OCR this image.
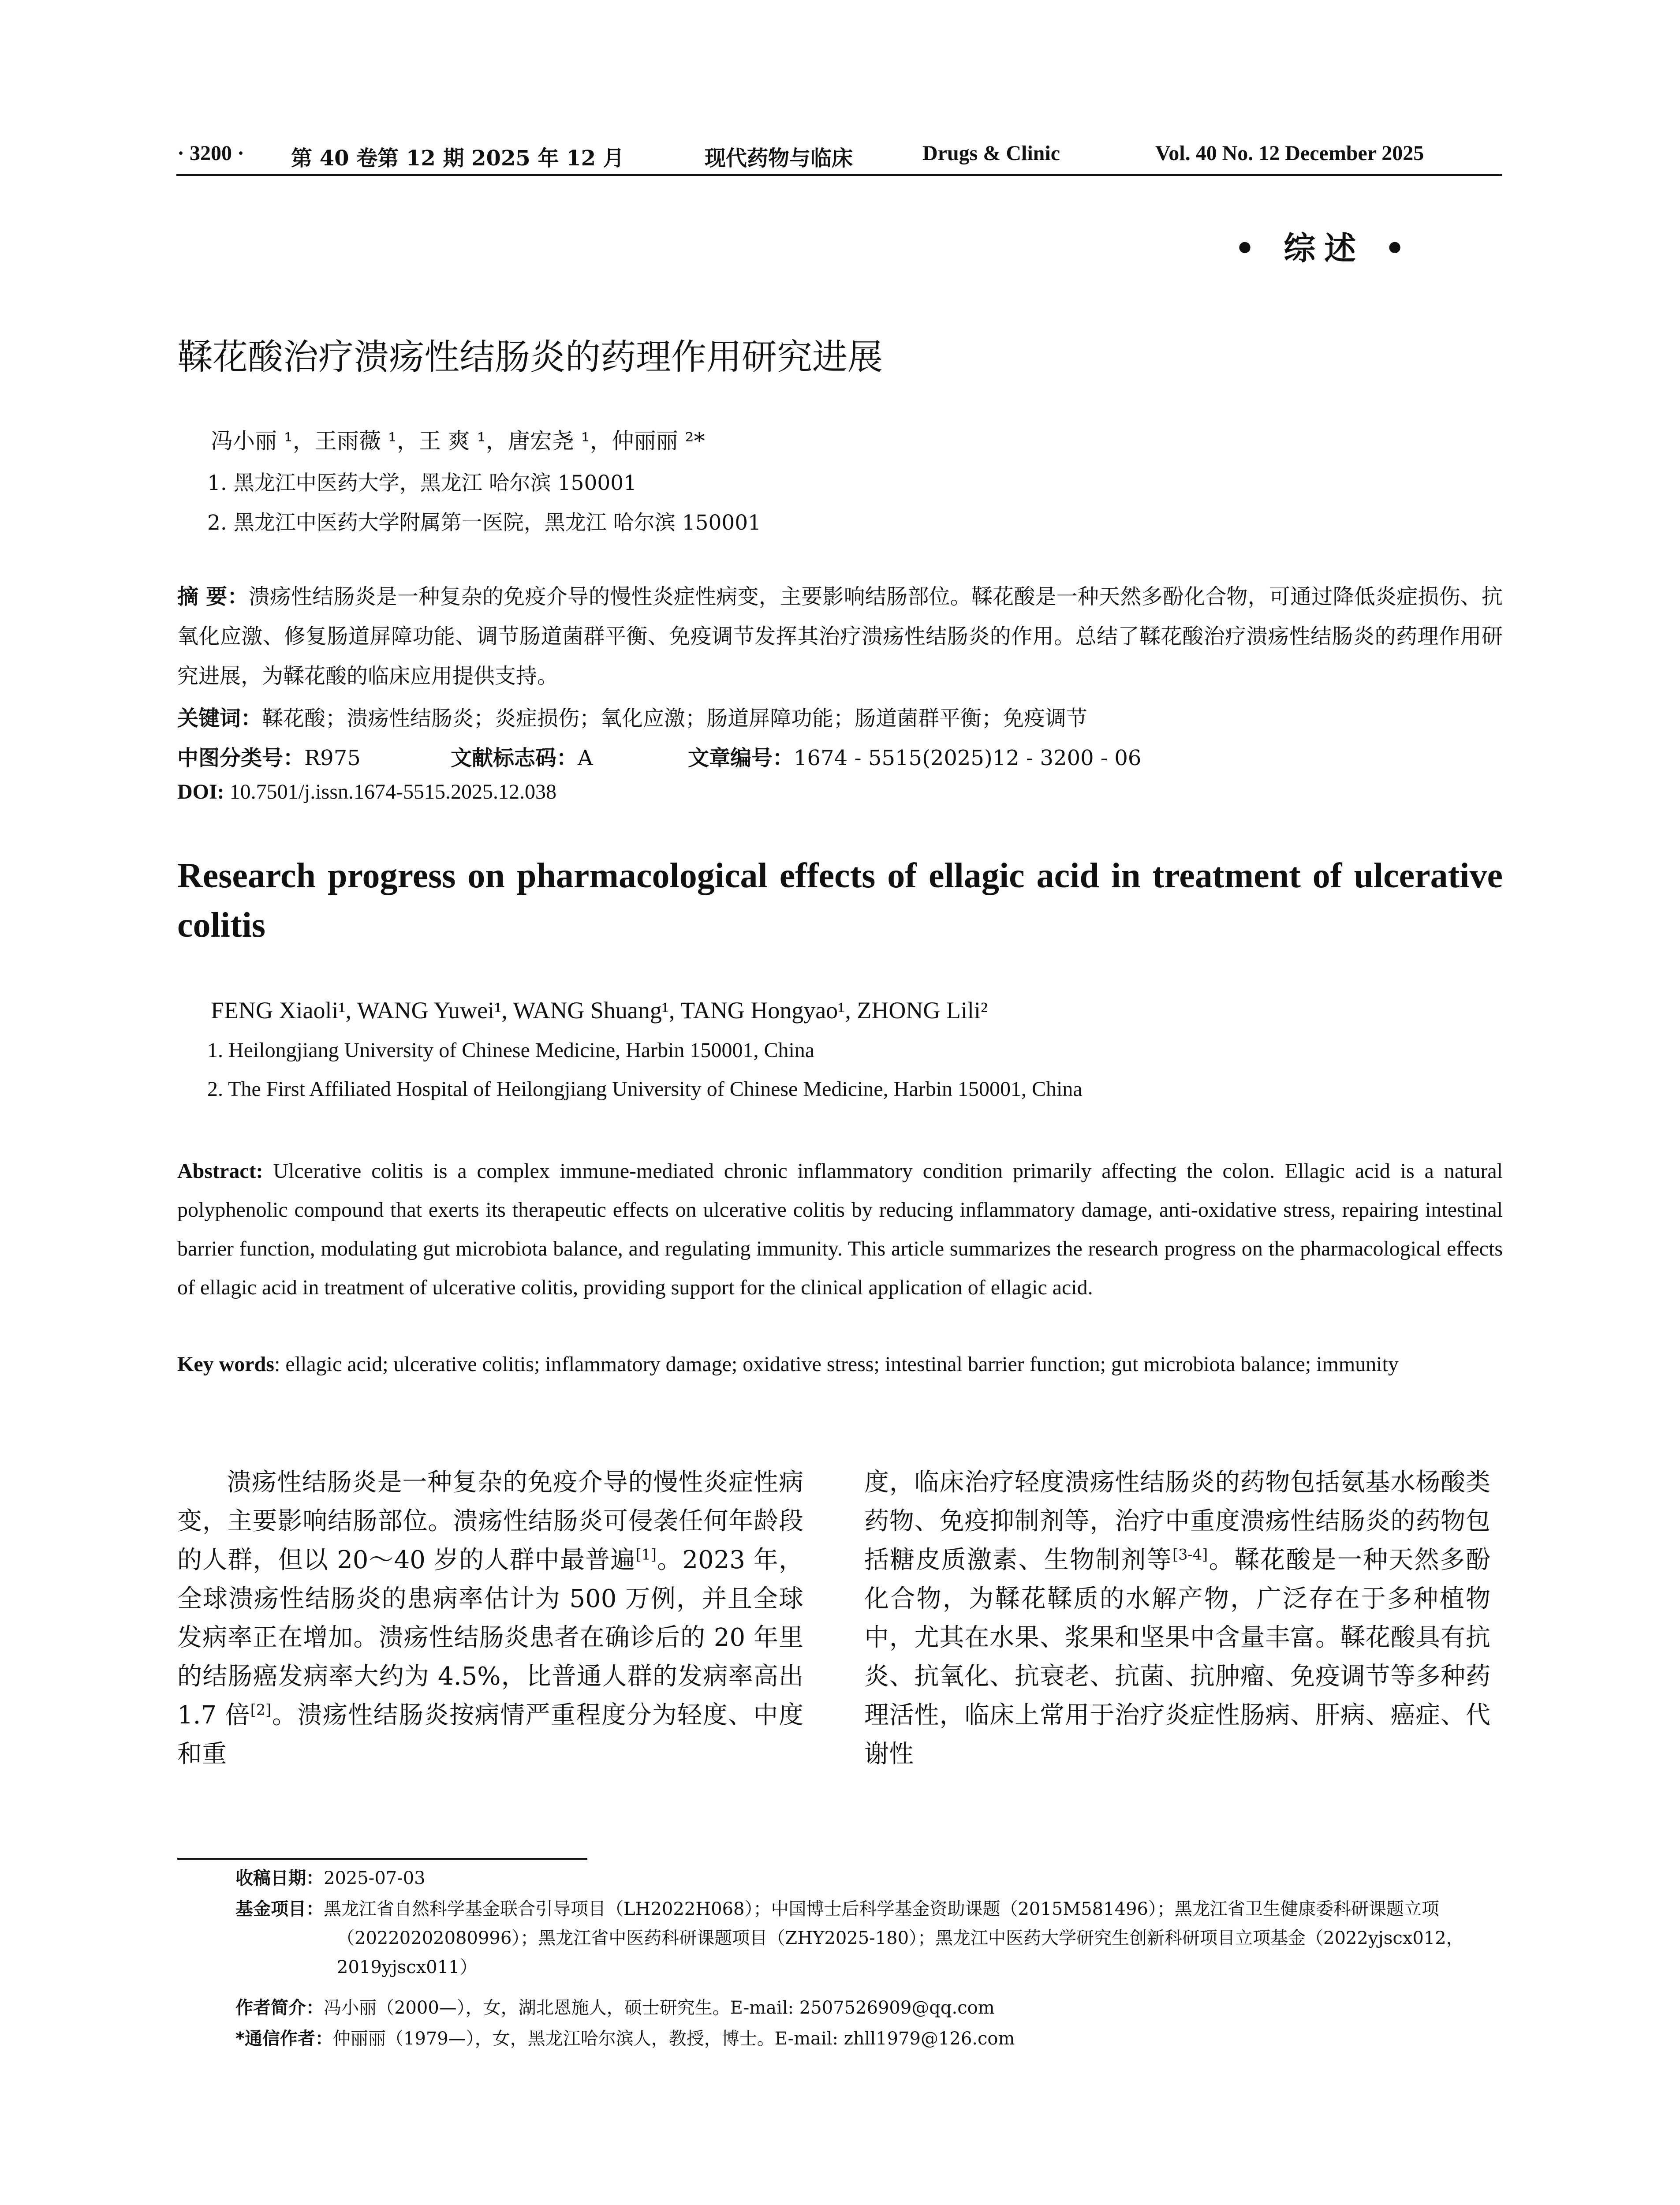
· 3200 · 第 40 卷第 12 期 2025 年 12 月	现代药物与临床	Drugs & Clinic	Vol. 40 No. 12 December 2025
• 综述 •
鞣花酸治疗溃疡性结肠炎的药理作用研究进展
冯小丽 ¹，王雨薇 ¹，王 爽 ¹，唐宏尧 ¹，仲丽丽 ²*
1. 黑龙江中医药大学，黑龙江 哈尔滨 150001
2. 黑龙江中医药大学附属第一医院，黑龙江 哈尔滨 150001
摘 要：溃疡性结肠炎是一种复杂的免疫介导的慢性炎症性病变，主要影响结肠部位。鞣花酸是一种天然多酚化合物，可通过降低炎症损伤、抗氧化应激、修复肠道屏障功能、调节肠道菌群平衡、免疫调节发挥其治疗溃疡性结肠炎的作用。总结了鞣花酸治疗溃疡性结肠炎的药理作用研究进展，为鞣花酸的临床应用提供支持。
关键词：鞣花酸；溃疡性结肠炎；炎症损伤；氧化应激；肠道屏障功能；肠道菌群平衡；免疫调节
中图分类号：R975	文献标志码：A	文章编号：1674 - 5515(2025)12 - 3200 - 06
DOI: 10.7501/j.issn.1674-5515.2025.12.038
Research progress on pharmacological effects of ellagic acid in treatment of ulcerative colitis
FENG Xiaoli¹, WANG Yuwei¹, WANG Shuang¹, TANG Hongyao¹, ZHONG Lili²
1. Heilongjiang University of Chinese Medicine, Harbin 150001, China
2. The First Affiliated Hospital of Heilongjiang University of Chinese Medicine, Harbin 150001, China
Abstract: Ulcerative colitis is a complex immune-mediated chronic inflammatory condition primarily affecting the colon. Ellagic acid is a natural polyphenolic compound that exerts its therapeutic effects on ulcerative colitis by reducing inflammatory damage, anti-oxidative stress, repairing intestinal barrier function, modulating gut microbiota balance, and regulating immunity. This article summarizes the research progress on the pharmacological effects of ellagic acid in treatment of ulcerative colitis, providing support for the clinical application of ellagic acid.
Key words: ellagic acid; ulcerative colitis; inflammatory damage; oxidative stress; intestinal barrier function; gut microbiota balance; immunity

溃疡性结肠炎是一种复杂的免疫介导的慢性炎症性病变，主要影响结肠部位。溃疡性结肠炎可侵袭任何年龄段的人群，但以 20～40 岁的人群中最普遍[1]。2023 年，全球溃疡性结肠炎的患病率估计为 500 万例，并且全球发病率正在增加。溃疡性结肠炎患者在确诊后的 20 年里的结肠癌发病率大约为 4.5%，比普通人群的发病率高出 1.7 倍[2]。溃疡性结肠炎按病情严重程度分为轻度、中度和重

度，临床治疗轻度溃疡性结肠炎的药物包括氨基水杨酸类药物、免疫抑制剂等，治疗中重度溃疡性结肠炎的药物包括糖皮质激素、生物制剂等[3-4]。鞣花酸是一种天然多酚化合物，为鞣花鞣质的水解产物，广泛存在于多种植物中，尤其在水果、浆果和坚果中含量丰富。鞣花酸具有抗炎、抗氧化、抗衰老、抗菌、抗肿瘤、免疫调节等多种药理活性，临床上常用于治疗炎症性肠病、肝病、癌症、代谢性

收稿日期：2025-07-03
基金项目：黑龙江省自然科学基金联合引导项目（LH2022H068）；中国博士后科学基金资助课题（2015M581496）；黑龙江省卫生健康委科研课题立项（20220202080996）；黑龙江省中医药科研课题项目（ZHY2025-180）；黑龙江中医药大学研究生创新科研项目立项基金（2022yjscx012，2019yjscx011）
作者简介：冯小丽（2000—），女，湖北恩施人，硕士研究生。E-mail: 2507526909@qq.com
*通信作者：仲丽丽（1979—），女，黑龙江哈尔滨人，教授，博士。E-mail: zhll1979@126.com
